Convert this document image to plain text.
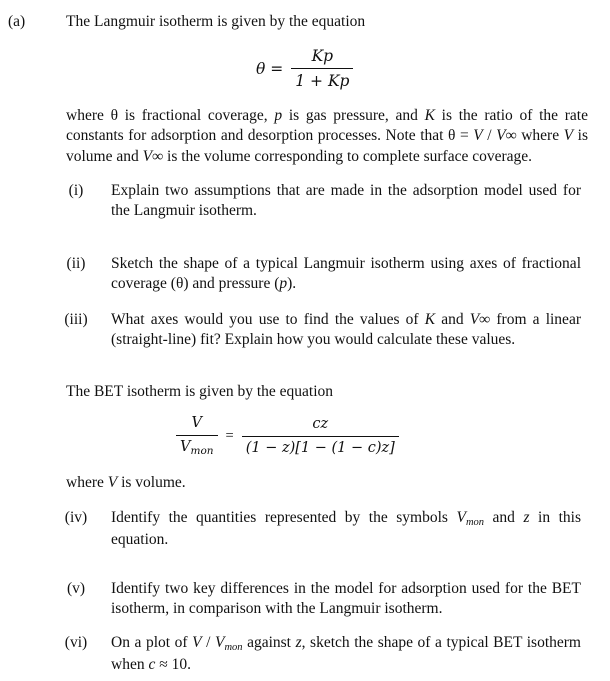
(a)	The Langmuir isotherm is given by the equation
$\theta = \frac{Kp}{1 + Kp}$
where θ is fractional coverage, p is gas pressure, and K is the ratio of the rate constants for adsorption and desorption processes. Note that θ = V / V∞ where V is volume and V∞ is the volume corresponding to complete surface coverage.
(i)	Explain two assumptions that are made in the adsorption model used for the Langmuir isotherm.
(ii)	Sketch the shape of a typical Langmuir isotherm using axes of fractional coverage (θ) and pressure (p).
(iii)	What axes would you use to find the values of K and V∞ from a linear (straight-line) fit? Explain how you would calculate these values.
The BET isotherm is given by the equation
$\frac{V}{V_{mon}} = \frac{cz}{(1 - z)[1 - (1 - c)z]}$
where V is volume.
(iv)	Identify the quantities represented by the symbols $V_{mon}$ and z in this equation.
(v)	Identify two key differences in the model for adsorption used for the BET isotherm, in comparison with the Langmuir isotherm.
(vi)	On a plot of V / $V_{mon}$ against z, sketch the shape of a typical BET isotherm when c ≈ 10.
